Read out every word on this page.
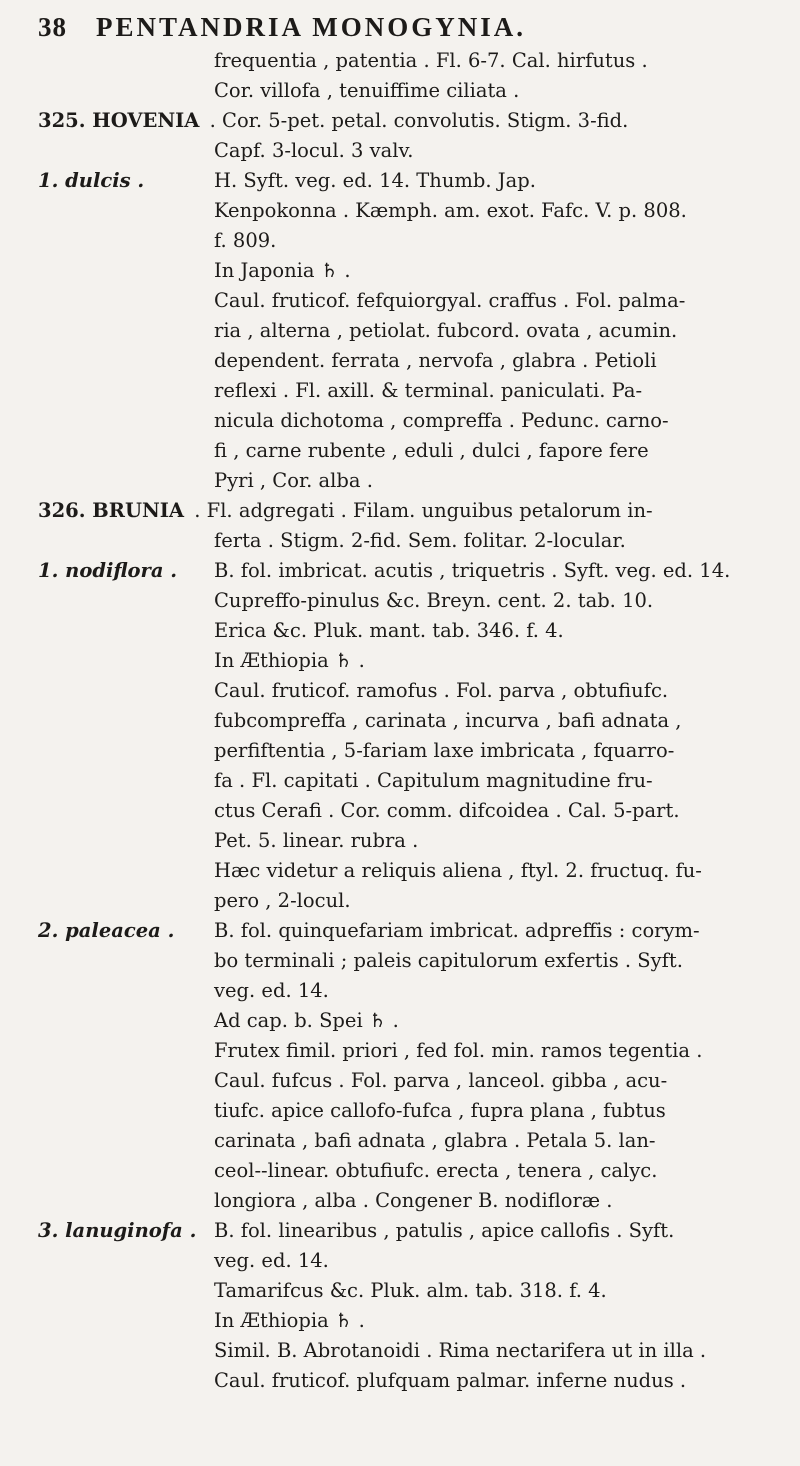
38 PENTANDRIA MONOGYNIA.
frequentia , patentia . Fl. 6-7. Cal. hirfutus .
Cor. villofa , tenuiffime ciliata .
325. HOVENIA . Cor. 5-pet. petal. convolutis. Stigm. 3-fid.
Capf. 3-locul. 3 valv.
1. dulcis .	H. Syft. veg. ed. 14. Thumb. Jap.
Kenpokonna . Kæmph. am. exot. Fafc. V. p. 808.
f. 809.
In Japonia ♄ .
Caul. fruticof. fefquiorgyal. craffus . Fol. palma-
ria , alterna , petiolat. fubcord. ovata , acumin.
dependent. ferrata , nervofa , glabra . Petioli
reflexi . Fl. axill. & terminal. paniculati. Pa-
nicula dichotoma , compreffa . Pedunc. carno-
fi , carne rubente , eduli , dulci , fapore fere
Pyri , Cor. alba .
326. BRUNIA . Fl. adgregati . Filam. unguibus petalorum in-
ferta . Stigm. 2-fid. Sem. folitar. 2-locular.
1. nodiflora . B. fol. imbricat. acutis , triquetris . Syft. veg. ed. 14.
Cupreffo-pinulus &c. Breyn. cent. 2. tab. 10.
Erica &c. Pluk. mant. tab. 346. f. 4.
In Æthiopia ♄ .
Caul. fruticof. ramofus . Fol. parva , obtufiufc.
fubcompreffa , carinata , incurva , bafi adnata ,
perfiftentia , 5-fariam laxe imbricata , fquarro-
fa . Fl. capitati . Capitulum magnitudine fru-
ctus Cerafi . Cor. comm. difcoidea . Cal. 5-part.
Pet. 5. linear. rubra .
Hæc videtur a reliquis aliena , ftyl. 2. fructuq. fu-
pero , 2-locul.
2. paleacea . B. fol. quinquefariam imbricat. adpreffis : corym-
bo terminali ; paleis capitulorum exfertis . Syft.
veg. ed. 14.
Ad cap. b. Spei ♄ .
Frutex fimil. priori , fed fol. min. ramos tegentia .
Caul. fufcus . Fol. parva , lanceol. gibba , acu-
tiufc. apice callofo-fufca , fupra plana , fubtus
carinata , bafi adnata , glabra . Petala 5. lan-
ceol--linear. obtufiufc. erecta , tenera , calyc.
longiora , alba . Congener B. nodifloræ .
3. lanuginofa . B. fol. linearibus , patulis , apice callofis . Syft.
veg. ed. 14.
Tamarifcus &c. Pluk. alm. tab. 318. f. 4.
In Æthiopia ♄ .
Simil. B. Abrotanoidi . Rima nectarifera ut in illa .
Caul. fruticof. plufquam palmar. inferne nudus .
